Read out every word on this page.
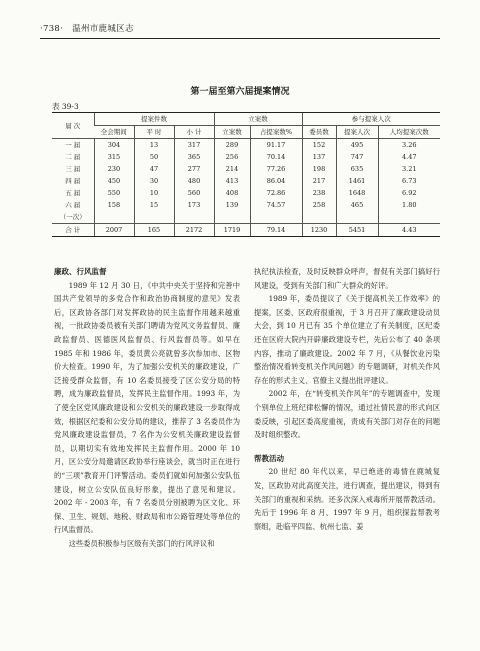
·738· 温州市鹿城区志
第一届至第六届提案情况
表 39-3
届 次	提案件数			立案数		参与提案人次		
	全会期间	平 时	小 计	立案数	占提案数%	委员数	提案人次	人均提案次数
一 届	304	13	317	289	91.17	152	495	3.26
二 届	315	50	365	256	70.14	137	747	4.47
三 届	230	47	277	214	77.26	198	635	3.21
四 届	450	30	480	413	86.04	217	1461	6.73
五 届	550	10	560	408	72.86	238	1648	6.92
六 届	158	15	173	139	74.57	258	465	1.80
（一次）								
合 计	2007	165	2172	1719	79.14	1230	5451	4.43
廉政、行风监督

1989 年 12 月 30 日，《中共中央关于坚持和完善中国共产党领导的多党合作和政治协商制度的意见》发表后，区政协各部门对发挥政协的民主监督作用越来越重视，一批政协委员被有关部门聘请为党风文务监督员、廉政监督员、医德医风监督员、行风监督员等。如早在 1985 年和 1986 年，委员黄公亮就曾多次参加市、区物价大检查。1990 年，为了加强公安机关的廉政建设，广泛接受群众监督，有 10 名委员接受了区公安分局的特聘，成为廉政监督员，发挥民主监督作用。1993 年，为了使全区党风廉政建设和公安机关的廉政建设一步取得成效，根据区纪委和公安分局的建议，推荐了 3 名委员作为党风廉政建设监督员，7 名作为公安机关廉政建设监督员，以期切实有效地发挥民主监督作用。2000 年 10 月，区公安分局邀请区政协举行座谈会，就当时正在进行的“三项”教育开门评警活动。委员们就如何加强公安队伍建设，树立公安队伍良好形象，提出了意见和建议。2002 年 - 2003 年，有 7 名委员分别被聘为区文化、环保、卫生、规划、地税、财政局和市公路管理处等单位的行风监督员。

这些委员积极参与区级有关部门的行风评议和

执纪执法检查，及时反映群众呼声，督促有关部门搞好行风建设，受到有关部门和广大群众的好评。

1989 年，委员提议了《关于提高机关工作效率》的提案，区委、区政府很重视，于 3 月召开了廉政建设动员大会，到 10 月已有 35 个单位建立了有关制度，区纪委还在区府大院内开辟廉政建设专栏，先后公布了 40 条项内容，推动了廉政建设。2002 年 7 月，《从餐饮业污染整治情况看转变机关作风问题》的专题调研，对机关作风存在的形式主义、官僚主义提出批评建议。

2002 年，在“转变机关作风年”的专题调查中，发现个别单位上班纪律松懈的情况，通过社情民意的形式向区委反映，引起区委高度重视，责成有关部门对存在的问题及时组织整改。

帮教活动

20 世纪 80 年代以来，早已绝迹的毒情在鹿城复发，区政协对此高度关注，进行调查，提出建议，得到有关部门的重视和采纳。还多次深入戒毒所开展帮教活动。先后于 1996 年 8 月、1997 年 9 月，组织探监帮教考察组，赴临平四监、杭州七监、姜
